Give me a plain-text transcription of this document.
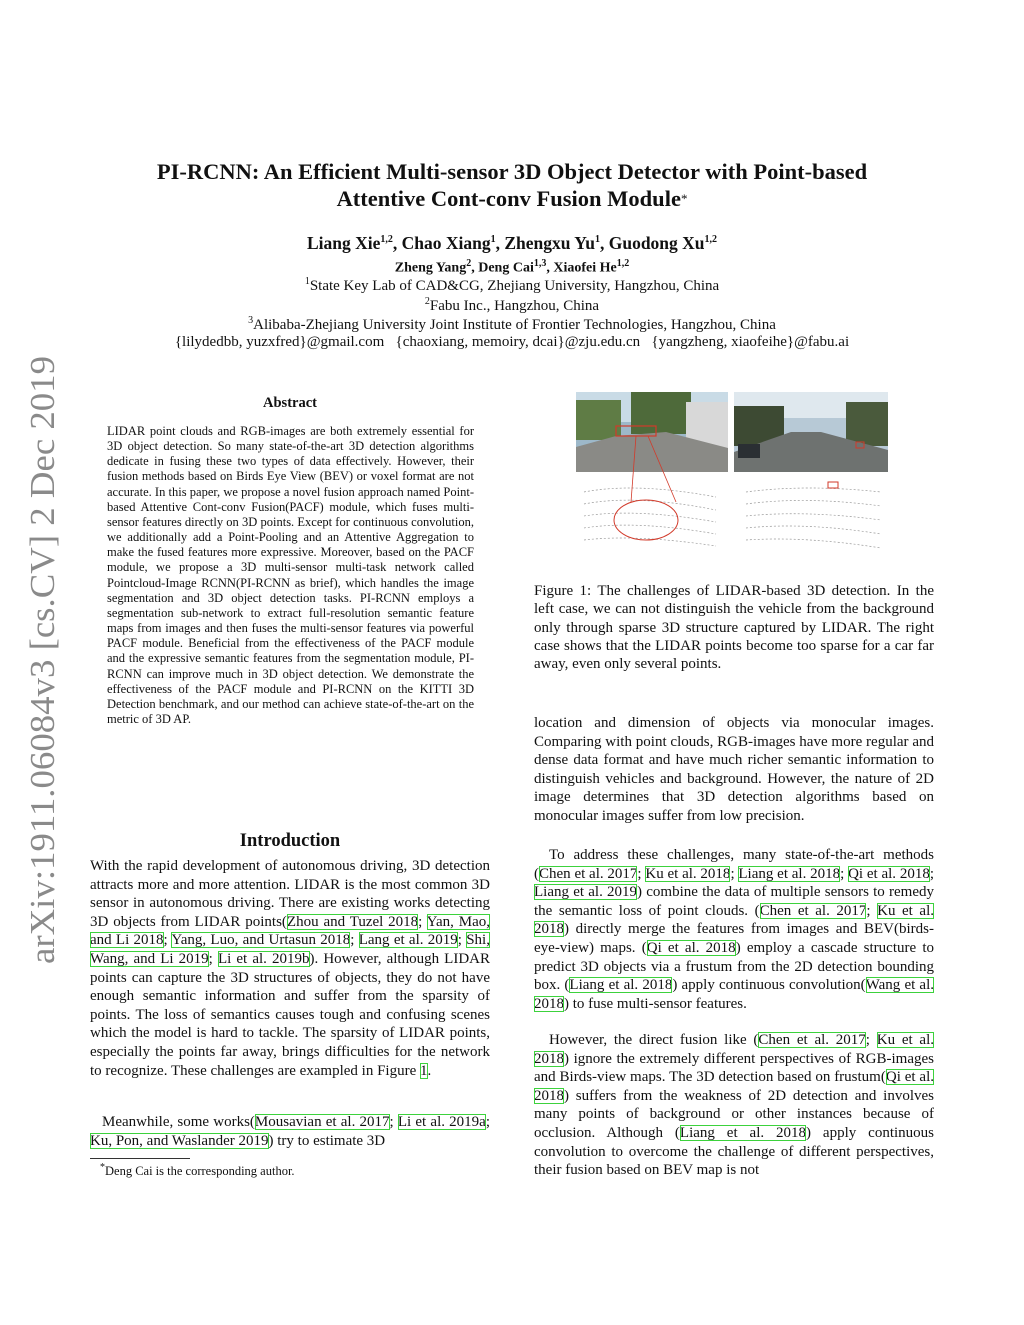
arXiv:1911.06084v3 [cs.CV] 2 Dec 2019
PI-RCNN: An Efficient Multi-sensor 3D Object Detector with Point-based
Attentive Cont-conv Fusion Module*
Liang Xie$^{1,2}$, Chao Xiang$^1$, Zhengxu Yu$^1$, Guodong Xu$^{1,2}$
Zheng Yang$^2$, Deng Cai$^{1,3}$, Xiaofei He$^{1,2}$
$^1$State Key Lab of CAD&CG, Zhejiang University, Hangzhou, China
$^2$Fabu Inc., Hangzhou, China
$^3$Alibaba-Zhejiang University Joint Institute of Frontier Technologies, Hangzhou, China
{lilydedbb, yuzxfred}@gmail.com   {chaoxiang, memoiry, dcai}@zju.edu.cn   {yangzheng, xiaofeihe}@fabu.ai
Abstract
LIDAR point clouds and RGB-images are both extremely essential for 3D object detection. So many state-of-the-art 3D detection algorithms dedicate in fusing these two types of data effectively. However, their fusion methods based on Birds Eye View (BEV) or voxel format are not accurate. In this paper, we propose a novel fusion approach named Point-based Attentive Cont-conv Fusion(PACF) module, which fuses multi-sensor features directly on 3D points. Except for continuous convolution, we additionally add a Point-Pooling and an Attentive Aggregation to make the fused features more expressive. Moreover, based on the PACF module, we propose a 3D multi-sensor multi-task network called Pointcloud-Image RCNN(PI-RCNN as brief), which handles the image segmentation and 3D object detection tasks. PI-RCNN employs a segmentation sub-network to extract full-resolution semantic feature maps from images and then fuses the multi-sensor features via powerful PACF module. Beneficial from the effectiveness of the PACF module and the expressive semantic features from the segmentation module, PI-RCNN can improve much in 3D object detection. We demonstrate the effectiveness of the PACF module and PI-RCNN on the KITTI 3D Detection benchmark, and our method can achieve state-of-the-art on the metric of 3D AP.
Introduction
With the rapid development of autonomous driving, 3D detection attracts more and more attention. LIDAR is the most common 3D sensor in autonomous driving. There are existing works detecting 3D objects from LIDAR points(Zhou and Tuzel 2018; Yan, Mao, and Li 2018; Yang, Luo, and Urtasun 2018; Lang et al. 2019; Shi, Wang, and Li 2019; Li et al. 2019b). However, although LIDAR points can capture the 3D structures of objects, they do not have enough semantic information and suffer from the sparsity of points. The loss of semantics causes tough and confusing scenes which the model is hard to tackle. The sparsity of LIDAR points, especially the points far away, brings difficulties for the network to recognize. These challenges are exampled in Figure 1.
Meanwhile, some works(Mousavian et al. 2017; Li et al. 2019a; Ku, Pon, and Waslander 2019) try to estimate 3D
*Deng Cai is the corresponding author.
Figure 1: The challenges of LIDAR-based 3D detection. In the left case, we can not distinguish the vehicle from the background only through sparse 3D structure captured by LIDAR. The right case shows that the LIDAR points become too sparse for a car far away, even only several points.
location and dimension of objects via monocular images. Comparing with point clouds, RGB-images have more regular and dense data format and have much richer semantic information to distinguish vehicles and background. However, the nature of 2D image determines that 3D detection algorithms based on monocular images suffer from low precision.
To address these challenges, many state-of-the-art methods (Chen et al. 2017; Ku et al. 2018; Liang et al. 2018; Qi et al. 2018; Liang et al. 2019) combine the data of multiple sensors to remedy the semantic loss of point clouds. (Chen et al. 2017; Ku et al. 2018) directly merge the features from images and BEV(birds-eye-view) maps. (Qi et al. 2018) employ a cascade structure to predict 3D objects via a frustum from the 2D detection bounding box. (Liang et al. 2018) apply continuous convolution(Wang et al. 2018) to fuse multi-sensor features.
However, the direct fusion like (Chen et al. 2017; Ku et al. 2018) ignore the extremely different perspectives of RGB-images and Birds-view maps. The 3D detection based on frustum(Qi et al. 2018) suffers from the weakness of 2D detection and involves many points of background or other instances because of occlusion. Although (Liang et al. 2018) apply continuous convolution to overcome the challenge of different perspectives, their fusion based on BEV map is not
